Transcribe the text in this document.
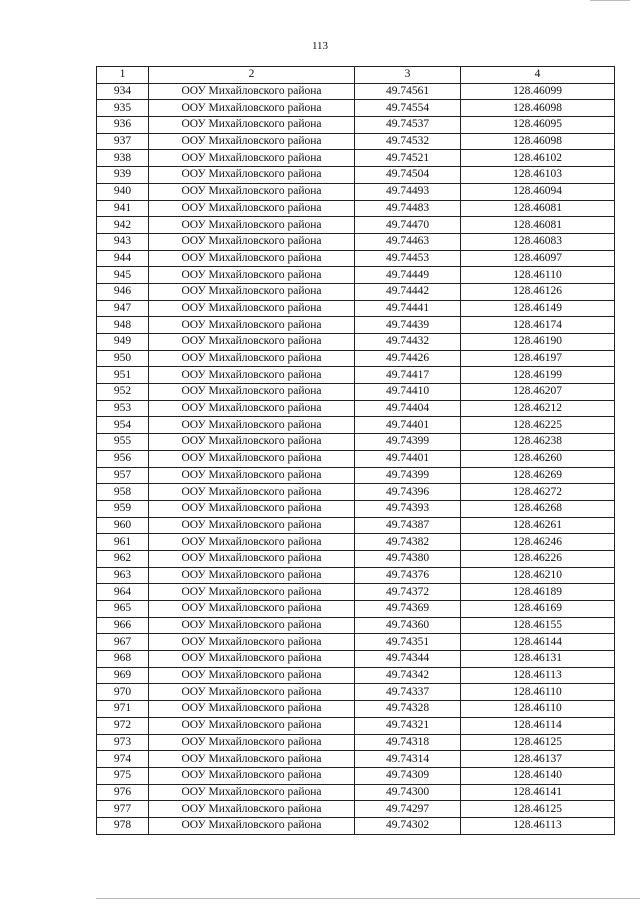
113
1	2	3	4
934	ООУ Михайловского района	49.74561	128.46099
935	ООУ Михайловского района	49.74554	128.46098
936	ООУ Михайловского района	49.74537	128.46095
937	ООУ Михайловского района	49.74532	128.46098
938	ООУ Михайловского района	49.74521	128.46102
939	ООУ Михайловского района	49.74504	128.46103
940	ООУ Михайловского района	49.74493	128.46094
941	ООУ Михайловского района	49.74483	128.46081
942	ООУ Михайловского района	49.74470	128.46081
943	ООУ Михайловского района	49.74463	128.46083
944	ООУ Михайловского района	49.74453	128.46097
945	ООУ Михайловского района	49.74449	128.46110
946	ООУ Михайловского района	49.74442	128.46126
947	ООУ Михайловского района	49.74441	128.46149
948	ООУ Михайловского района	49.74439	128.46174
949	ООУ Михайловского района	49.74432	128.46190
950	ООУ Михайловского района	49.74426	128.46197
951	ООУ Михайловского района	49.74417	128.46199
952	ООУ Михайловского района	49.74410	128.46207
953	ООУ Михайловского района	49.74404	128.46212
954	ООУ Михайловского района	49.74401	128.46225
955	ООУ Михайловского района	49.74399	128.46238
956	ООУ Михайловского района	49.74401	128.46260
957	ООУ Михайловского района	49.74399	128.46269
958	ООУ Михайловского района	49.74396	128.46272
959	ООУ Михайловского района	49.74393	128.46268
960	ООУ Михайловского района	49.74387	128.46261
961	ООУ Михайловского района	49.74382	128.46246
962	ООУ Михайловского района	49.74380	128.46226
963	ООУ Михайловского района	49.74376	128.46210
964	ООУ Михайловского района	49.74372	128.46189
965	ООУ Михайловского района	49.74369	128.46169
966	ООУ Михайловского района	49.74360	128.46155
967	ООУ Михайловского района	49.74351	128.46144
968	ООУ Михайловского района	49.74344	128.46131
969	ООУ Михайловского района	49.74342	128.46113
970	ООУ Михайловского района	49.74337	128.46110
971	ООУ Михайловского района	49.74328	128.46110
972	ООУ Михайловского района	49.74321	128.46114
973	ООУ Михайловского района	49.74318	128.46125
974	ООУ Михайловского района	49.74314	128.46137
975	ООУ Михайловского района	49.74309	128.46140
976	ООУ Михайловского района	49.74300	128.46141
977	ООУ Михайловского района	49.74297	128.46125
978	ООУ Михайловского района	49.74302	128.46113
